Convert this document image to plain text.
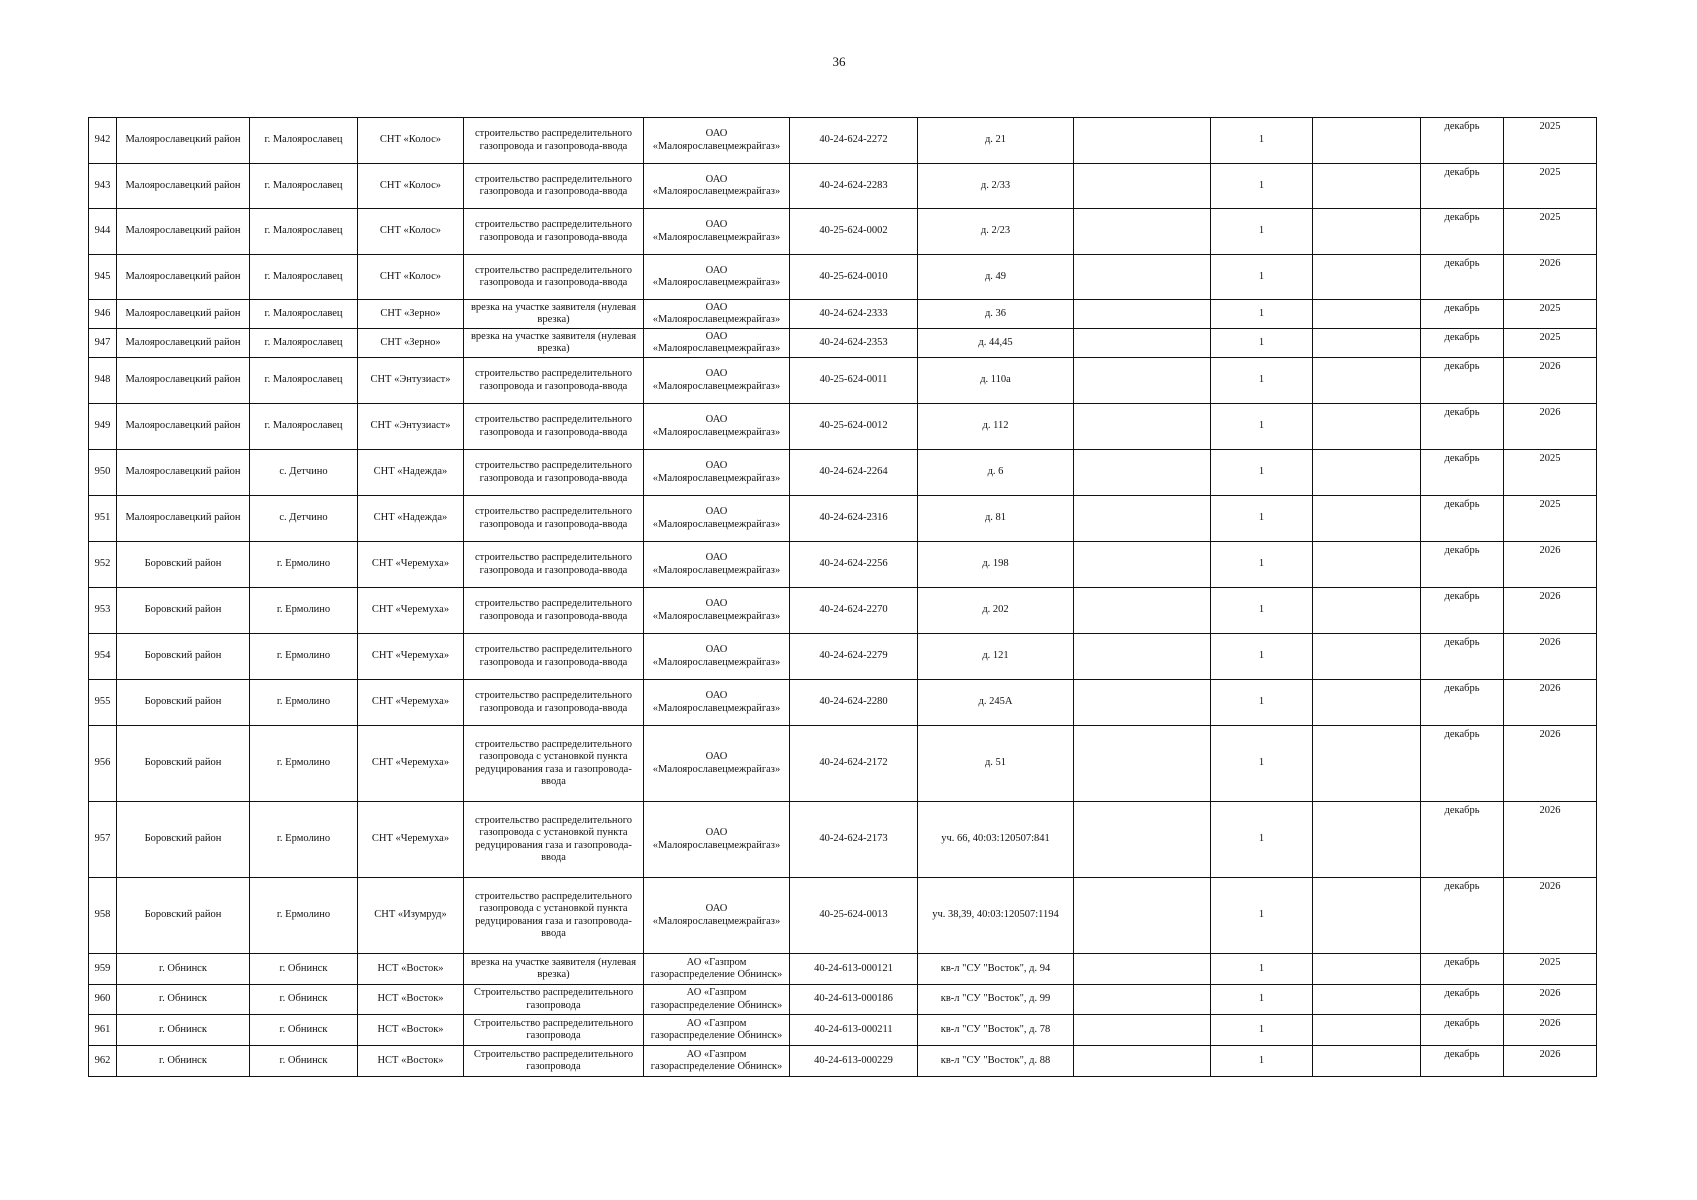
36
942	Малоярославецкий район	г. Малоярославец	СНТ «Колос»	строительство распределительного газопровода и газопровода-ввода	ОАО «Малоярославецмежрайгаз»	40-24-624-2272	д. 21		1		декабрь	2025
943	Малоярославецкий район	г. Малоярославец	СНТ «Колос»	строительство распределительного газопровода и газопровода-ввода	ОАО «Малоярославецмежрайгаз»	40-24-624-2283	д. 2/33		1		декабрь	2025
944	Малоярославецкий район	г. Малоярославец	СНТ «Колос»	строительство распределительного газопровода и газопровода-ввода	ОАО «Малоярославецмежрайгаз»	40-25-624-0002	д. 2/23		1		декабрь	2025
945	Малоярославецкий район	г. Малоярославец	СНТ «Колос»	строительство распределительного газопровода и газопровода-ввода	ОАО «Малоярославецмежрайгаз»	40-25-624-0010	д. 49		1		декабрь	2026
946	Малоярославецкий район	г. Малоярославец	СНТ «Зерно»	врезка на участке заявителя (нулевая врезка)	ОАО «Малоярославецмежрайгаз»	40-24-624-2333	д. 36		1		декабрь	2025
947	Малоярославецкий район	г. Малоярославец	СНТ «Зерно»	врезка на участке заявителя (нулевая врезка)	ОАО «Малоярославецмежрайгаз»	40-24-624-2353	д. 44,45		1		декабрь	2025
948	Малоярославецкий район	г. Малоярославец	СНТ «Энтузиаст»	строительство распределительного газопровода и газопровода-ввода	ОАО «Малоярославецмежрайгаз»	40-25-624-0011	д. 110а		1		декабрь	2026
949	Малоярославецкий район	г. Малоярославец	СНТ «Энтузиаст»	строительство распределительного газопровода и газопровода-ввода	ОАО «Малоярославецмежрайгаз»	40-25-624-0012	д. 112		1		декабрь	2026
950	Малоярославецкий район	с. Детчино	СНТ «Надежда»	строительство распределительного газопровода и газопровода-ввода	ОАО «Малоярославецмежрайгаз»	40-24-624-2264	д. 6		1		декабрь	2025
951	Малоярославецкий район	с. Детчино	СНТ «Надежда»	строительство распределительного газопровода и газопровода-ввода	ОАО «Малоярославецмежрайгаз»	40-24-624-2316	д. 81		1		декабрь	2025
952	Боровский район	г. Ермолино	СНТ «Черемуха»	строительство распределительного газопровода и газопровода-ввода	ОАО «Малоярославецмежрайгаз»	40-24-624-2256	д. 198		1		декабрь	2026
953	Боровский район	г. Ермолино	СНТ «Черемуха»	строительство распределительного газопровода и газопровода-ввода	ОАО «Малоярославецмежрайгаз»	40-24-624-2270	д. 202		1		декабрь	2026
954	Боровский район	г. Ермолино	СНТ «Черемуха»	строительство распределительного газопровода и газопровода-ввода	ОАО «Малоярославецмежрайгаз»	40-24-624-2279	д. 121		1		декабрь	2026
955	Боровский район	г. Ермолино	СНТ «Черемуха»	строительство распределительного газопровода и газопровода-ввода	ОАО «Малоярославецмежрайгаз»	40-24-624-2280	д. 245А		1		декабрь	2026
956	Боровский район	г. Ермолино	СНТ «Черемуха»	строительство распределительного газопровода с установкой пункта редуцирования газа и газопровода-ввода	ОАО «Малоярославецмежрайгаз»	40-24-624-2172	д. 51		1		декабрь	2026
957	Боровский район	г. Ермолино	СНТ «Черемуха»	строительство распределительного газопровода с установкой пункта редуцирования газа и газопровода-ввода	ОАО «Малоярославецмежрайгаз»	40-24-624-2173	уч. 66, 40:03:120507:841		1		декабрь	2026
958	Боровский район	г. Ермолино	СНТ «Изумруд»	строительство распределительного газопровода с установкой пункта редуцирования газа и газопровода-ввода	ОАО «Малоярославецмежрайгаз»	40-25-624-0013	уч. 38,39, 40:03:120507:1194		1		декабрь	2026
959	г. Обнинск	г. Обнинск	НСТ «Восток»	врезка на участке заявителя (нулевая врезка)	АО «Газпром газораспределение Обнинск»	40-24-613-000121	кв-л "СУ "Восток", д. 94		1		декабрь	2025
960	г. Обнинск	г. Обнинск	НСТ «Восток»	Строительство распределительного газопровода	АО «Газпром газораспределение Обнинск»	40-24-613-000186	кв-л "СУ "Восток", д. 99		1		декабрь	2026
961	г. Обнинск	г. Обнинск	НСТ «Восток»	Строительство распределительного газопровода	АО «Газпром газораспределение Обнинск»	40-24-613-000211	кв-л "СУ "Восток", д. 78		1		декабрь	2026
962	г. Обнинск	г. Обнинск	НСТ «Восток»	Строительство распределительного газопровода	АО «Газпром газораспределение Обнинск»	40-24-613-000229	кв-л "СУ "Восток", д. 88		1		декабрь	2026
